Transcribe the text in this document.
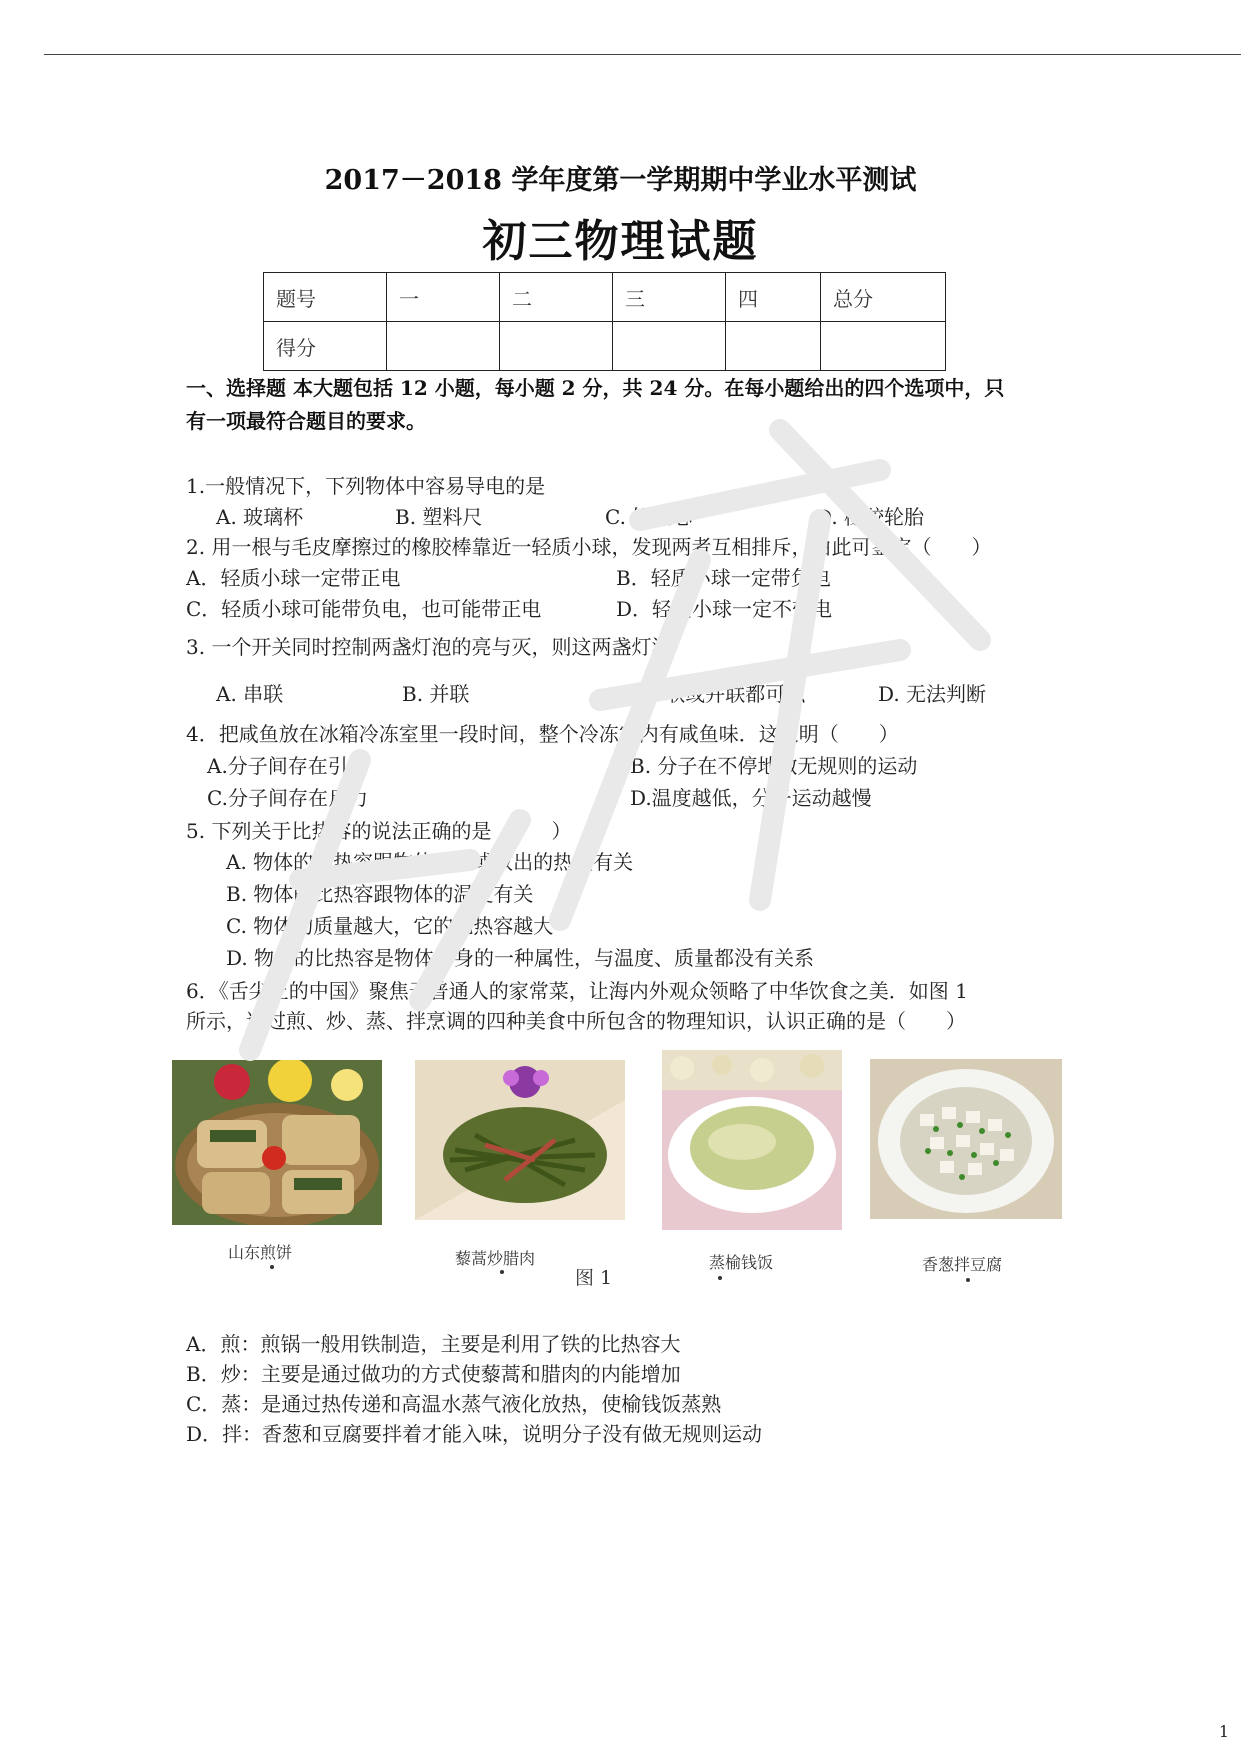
2017－2018 学年度第一学期期中学业水平测试
初三物理试题
题号	一	二	三	四	总分
得分					
一、选择题 本大题包括 12 小题，每小题 2 分，共 24 分。在每小题给出的四个选项中，只
有一项最符合题目的要求。
1.一般情况下，下列物体中容易导电的是
A. 玻璃杯	B. 塑料尺	C. 铅笔芯	D. 橡胶轮胎
2. 用一根与毛皮摩擦过的橡胶棒靠近一轻质小球，发现两者互相排斥，由此可鉴定（　　）
A．轻质小球一定带正电	B．轻质小球一定带负电
C．轻质小球可能带负电，也可能带正电	D．轻质小球一定不带电
3. 一个开关同时控制两盏灯泡的亮与灭，则这两盏灯泡
A. 串联	B. 并联	C. 串联或并联都可以	D. 无法判断
4．把咸鱼放在冰箱冷冻室里一段时间，整个冷冻室内有咸鱼味．这表明（　　）
A.分子间存在引力	B. 分子在不停地做无规则的运动
C.分子间存在斥力	D.温度越低，分子运动越慢
5. 下列关于比热容的说法正确的是（　　）
A. 物体的比热容跟物体吸收或放出的热量有关
B. 物体的比热容跟物体的温度有关
C. 物体的质量越大，它的比热容越大
D. 物体的比热容是物体本身的一种属性，与温度、质量都没有关系
6．《舌尖上的中国》聚焦于普通人的家常菜，让海内外观众领略了中华饮食之美．如图 1
所示，通过煎、炒、蒸、拌烹调的四种美食中所包含的物理知识，认识正确的是（　　）
山东煎饼	藜蒿炒腊肉
图 1
蒸榆钱饭	香葱拌豆腐
A．煎：煎锅一般用铁制造，主要是利用了铁的比热容大
B．炒：主要是通过做功的方式使藜蒿和腊肉的内能增加
C．蒸：是通过热传递和高温水蒸气液化放热，使榆钱饭蒸熟
D．拌：香葱和豆腐要拌着才能入味，说明分子没有做无规则运动
1
